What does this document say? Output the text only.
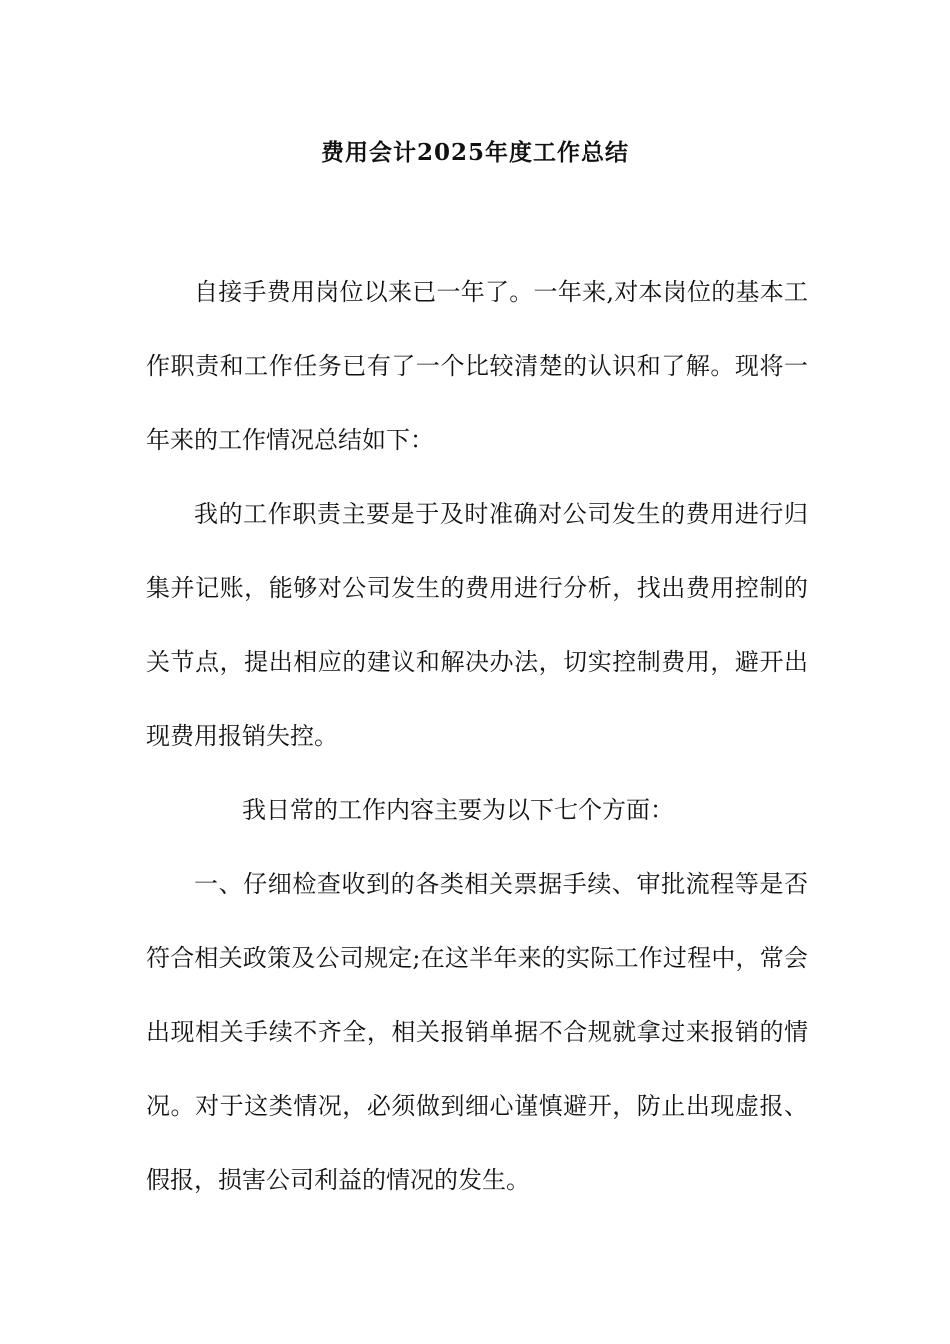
费用会计2025年度工作总结

自接手费用岗位以来已一年了。一年来,对本岗位的基本工作职责和工作任务已有了一个比较清楚的认识和了解。现将一年来的工作情况总结如下：

我的工作职责主要是于及时准确对公司发生的费用进行归集并记账，能够对公司发生的费用进行分析，找出费用控制的关节点，提出相应的建议和解决办法，切实控制费用，避开出现费用报销失控。

我日常的工作内容主要为以下七个方面：

一、仔细检查收到的各类相关票据手续、审批流程等是否符合相关政策及公司规定;在这半年来的实际工作过程中，常会出现相关手续不齐全，相关报销单据不合规就拿过来报销的情况。对于这类情况，必须做到细心谨慎避开，防止出现虚报、假报，损害公司利益的情况的发生。
